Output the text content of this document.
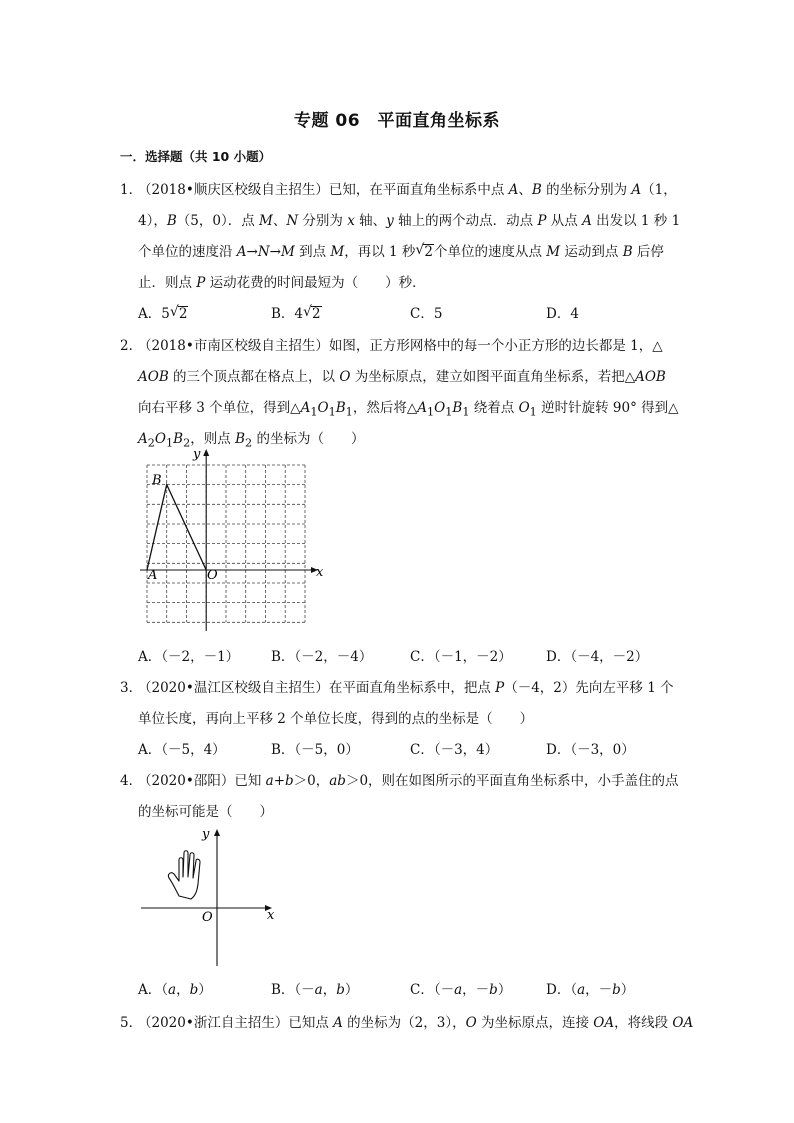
专题 06　平面直角坐标系
一．选择题（共 10 小题）
1．
（2018•顺庆区校级自主招生）已知，在平面直角坐标系中点 A、B 的坐标分别为 A（1，
4），B（5，0）．点 M、N 分别为 x 轴、y 轴上的两个动点．动点 P 从点 A 出发以 1 秒 1
个单位的速度沿 A→N→M 到点 M，再以 1 秒 √ 2个单位的速度从点 M 运动到点 B 后停
止．则点 P 运动花费的时间最短为（　　）秒．
A．5 √ 2	B．4 √ 2	C．5	D．4
2．
（2018•市南区校级自主招生）如图，正方形网格中的每一个小正方形的边长都是 1，△
AOB 的三个顶点都在格点上，以 O 为坐标原点，建立如图平面直角坐标系，若把△AOB
向右平移 3 个单位，得到$\triangle A_1O_1B_1$，然后将$\triangle A_1O_1B_1$ 绕着点 $O_1$ 逆时针旋转 90° 得到△
$A_2O_1B_2$，则点 $B_2$ 的坐标为（　　）
y
x
B
A	O
A．（－2，－1） B．（－2，－4）	C．（－1，－2）	D．（－4，－2）
3．
（2020•温江区校级自主招生）在平面直角坐标系中，把点 P（－4，2）先向左平移 1 个
单位长度，再向上平移 2 个单位长度，得到的点的坐标是（　　）
A．（－5，4）	B．（－5，0）	C．（－3，4）	D．（－3，0）
4．
（2020•邵阳）已知 a+b＞0，ab＞0，则在如图所示的平面直角坐标系中，小手盖住的点
的坐标可能是（　　）
y
x
O
A．（a，b）	B．（－a，b）	C．（－a，－b）	D．（a，－b）
5．
（2020•浙江自主招生）已知点 A 的坐标为（2，3），O 为坐标原点，连接 OA，将线段 OA
